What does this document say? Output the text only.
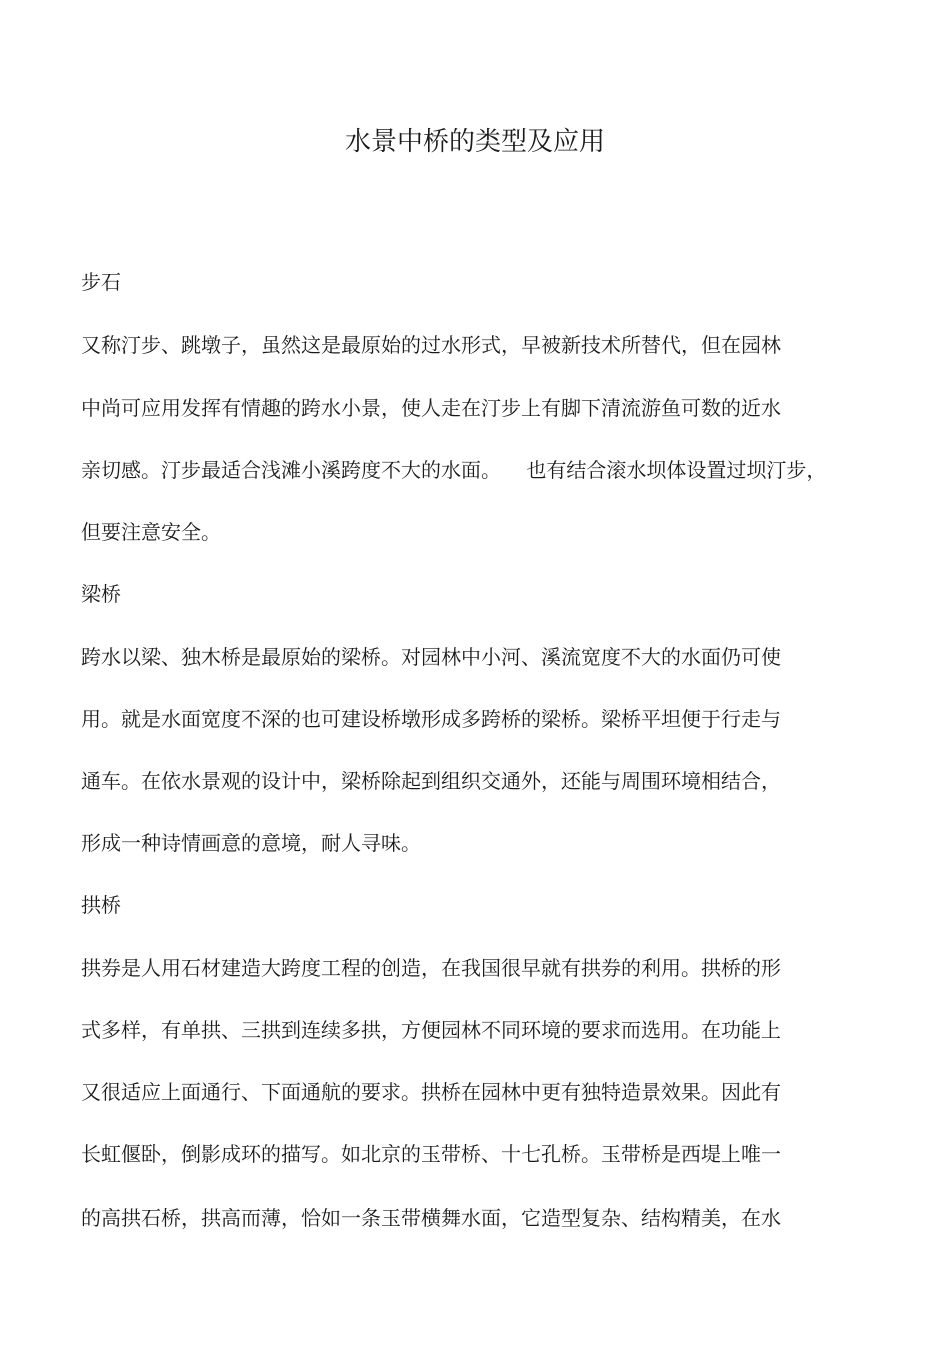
水景中桥的类型及应用
步石
又称汀步、跳墩子，虽然这是最原始的过水形式，早被新技术所替代，但在园林
中尚可应用发挥有情趣的跨水小景，使人走在汀步上有脚下清流游鱼可数的近水
亲切感。汀步最适合浅滩小溪跨度不大的水面。    也有结合滚水坝体设置过坝汀步，
但要注意安全。
梁桥
跨水以梁、独木桥是最原始的梁桥。对园林中小河、溪流宽度不大的水面仍可使
用。就是水面宽度不深的也可建设桥墩形成多跨桥的梁桥。梁桥平坦便于行走与
通车。在依水景观的设计中，梁桥除起到组织交通外，还能与周围环境相结合，
形成一种诗情画意的意境，耐人寻味。
拱桥
拱券是人用石材建造大跨度工程的创造，在我国很早就有拱券的利用。拱桥的形
式多样，有单拱、三拱到连续多拱，方便园林不同环境的要求而选用。在功能上
又很适应上面通行、下面通航的要求。拱桥在园林中更有独特造景效果。因此有
长虹偃卧，倒影成环的描写。如北京的玉带桥、十七孔桥。玉带桥是西堤上唯一
的高拱石桥，拱高而薄，恰如一条玉带横舞水面，它造型复杂、结构精美，在水
